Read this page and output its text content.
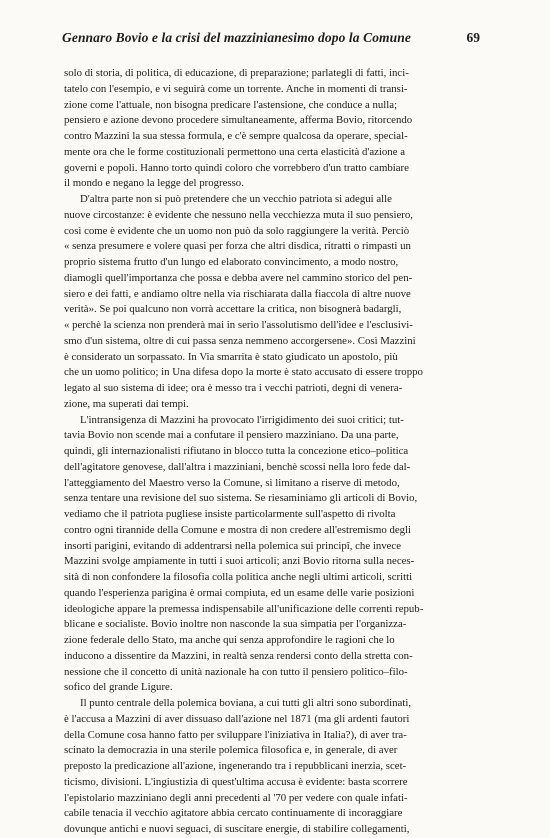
Gennaro Bovio e la crisi del mazzinianesimo dopo la Comune	69

solo di storia, di politica, di educazione, di preparazione; parlategli di fatti, inci-
tatelo con l'esempio, e vi seguirà come un torrente. Anche in momenti di transi-
zione come l'attuale, non bisogna predicare l'astensione, che conduce a nulla;
pensiero e azione devono procedere simultaneamente, afferma Bovio, ritorcendo
contro Mazzini la sua stessa formula, e c'è sempre qualcosa da operare, special-
mente ora che le forme costituzionali permettono una certa elasticità d'azione a
governi e popoli. Hanno torto quindi coloro che vorrebbero d'un tratto cambiare
il mondo e negano la legge del progresso.

D'altra parte non si può pretendere che un vecchio patriota si adegui alle
nuove circostanze: è evidente che nessuno nella vecchiezza muta il suo pensiero,
così come è evidente che un uomo non può da solo raggiungere la verità. Perciò
« senza presumere e volere quasi per forza che altri disdica, ritratti o rimpasti un
proprio sistema frutto d'un lungo ed elaborato convincimento, a modo nostro,
diamogli quell'importanza che possa e debba avere nel cammino storico del pen-
siero e dei fatti, e andiamo oltre nella via rischiarata dalla fiaccola di altre nuove
verità». Se poi qualcuno non vorrà accettare la critica, non bisognerà badargli,
« perchè la scienza non prenderà mai in serio l'assolutismo dell'idee e l'esclusivi-
smo d'un sistema, oltre di cui passa senza nemmeno accorgersene». Così Mazzini
è considerato un sorpassato. In Via smarrita è stato giudicato un apostolo, più
che un uomo politico; in Una difesa dopo la morte è stato accusato di essere troppo
legato al suo sistema di idee; ora è messo tra i vecchi patrioti, degni di venera-
zione, ma superati dai tempi.

L'intransigenza di Mazzini ha provocato l'irrigidimento dei suoi critici; tut-
tavia Bovio non scende mai a confutare il pensiero mazziniano. Da una parte,
quindi, gli internazionalisti rifiutano in blocco tutta la concezione etico–politica
dell'agitatore genovese, dall'altra i mazziniani, benchè scossi nella loro fede dal-
l'atteggiamento del Maestro verso la Comune, si limitano a riserve di metodo,
senza tentare una revisione del suo sistema. Se riesaminiamo gli articoli di Bovio,
vediamo che il patriota pugliese insiste particolarmente sull'aspetto di rivolta
contro ogni tirannide della Comune e mostra di non credere all'estremismo degli
insorti parigini, evitando di addentrarsi nella polemica sui principî, che invece
Mazzini svolge ampiamente in tutti i suoi articoli; anzi Bovio ritorna sulla neces-
sità di non confondere la filosofia colla politica anche negli ultimi articoli, scritti
quando l'esperienza parigina è ormai compiuta, ed un esame delle varie posizioni
ideologiche appare la premessa indispensabile all'unificazione delle correnti repub-
blicane e socialiste. Bovio inoltre non nasconde la sua simpatia per l'organizza-
zione federale dello Stato, ma anche qui senza approfondire le ragioni che lo
inducono a dissentire da Mazzini, in realtà senza rendersi conto della stretta con-
nessione che il concetto di unità nazionale ha con tutto il pensiero politico–filo-
sofico del grande Ligure.

Il punto centrale della polemica boviana, a cui tutti gli altri sono subordinati,
è l'accusa a Mazzini di aver dissuaso dall'azione nel 1871 (ma gli ardenti fautori
della Comune cosa hanno fatto per sviluppare l'iniziativa in Italia?), di aver tra-
scinato la democrazia in una sterile polemica filosofica e, in generale, di aver
preposto la predicazione all'azione, ingenerando tra i repubblicani inerzia, scet-
ticismo, divisioni. L'ingiustizia di quest'ultima accusa è evidente: basta scorrere
l'epistolario mazziniano degli anni precedenti al '70 per vedere con quale infati-
cabile tenacia il vecchio agitatore abbia cercato continuamente di incoraggiare
dovunque antichi e nuovi seguaci, di suscitare energie, di stabilire collegamenti,
